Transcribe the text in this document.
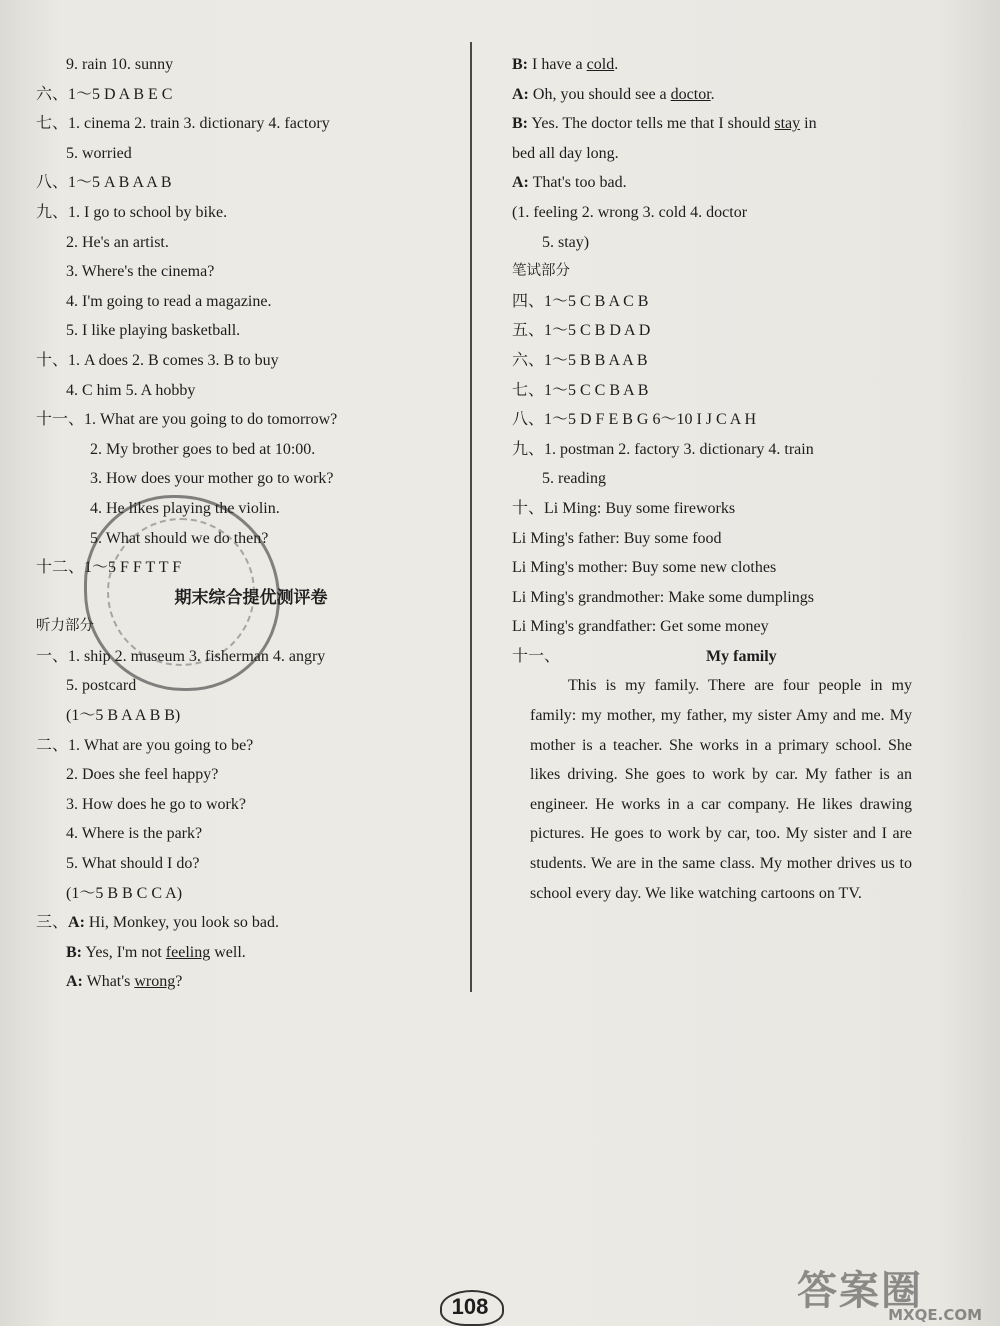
9. rain 10. sunny
六、1～5 D A B E C
七、1. cinema 2. train 3. dictionary 4. factory
5. worried
八、1～5 A B A A B
九、1. I go to school by bike.
2. He's an artist.
3. Where's the cinema?
4. I'm going to read a magazine.
5. I like playing basketball.
十、1. A does 2. B comes 3. B to buy
4. C him 5. A hobby
十一、1. What are you going to do tomorrow?
2. My brother goes to bed at 10:00.
3. How does your mother go to work?
4. He likes playing the violin.
5. What should we do then?
十二、1～5 F F T T F
期末综合提优测评卷
听力部分
一、1. ship 2. museum 3. fisherman 4. angry
5. postcard
(1～5 B A A B B)
二、1. What are you going to be?
2. Does she feel happy?
3. How does he go to work?
4. Where is the park?
5. What should I do?
(1～5 B B C C A)
三、A: Hi, Monkey, you look so bad.
B: Yes, I'm not feeling well.
A: What's wrong?
B: I have a cold.
A: Oh, you should see a doctor.
B: Yes. The doctor tells me that I should stay in
bed all day long.
A: That's too bad.
(1. feeling 2. wrong 3. cold 4. doctor
5. stay)
笔试部分
四、1～5 C B A C B
五、1～5 C B D A D
六、1～5 B B A A B
七、1～5 C C B A B
八、1～5 D F E B G 6～10 I J C A H
九、1. postman 2. factory 3. dictionary 4. train
5. reading
十、Li Ming: Buy some fireworks
Li Ming's father: Buy some food
Li Ming's mother: Buy some new clothes
Li Ming's grandmother: Make some dumplings
Li Ming's grandfather: Get some money
十一、	My family

This is my family. There are four people in my family: my mother, my father, my sister Amy and me. My mother is a teacher. She works in a primary school. She likes driving. She goes to work by car. My father is an engineer. He works in a car company. He likes drawing pictures. He goes to work by car, too. My sister and I are students. We are in the same class. My mother drives us to school every day. We like watching cartoons on TV.

108	答案圈
MXQE.COM
